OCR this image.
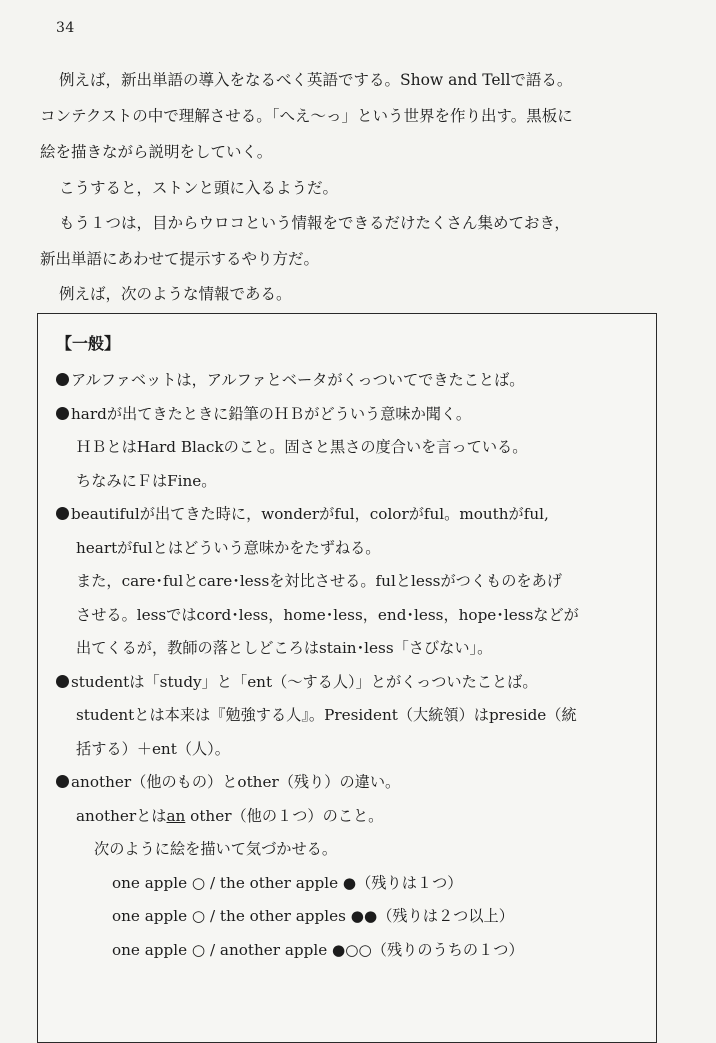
34
例えば，新出単語の導入をなるべく英語でする。Show and Tellで語る。
コンテクストの中で理解させる。「へえ～っ」という世界を作り出す。黒板に
絵を描きながら説明をしていく。
こうすると，ストンと頭に入るようだ。
もう１つは，目からウロコという情報をできるだけたくさん集めておき，
新出単語にあわせて提示するやり方だ。
例えば，次のような情報である。
【一般】
アルファベットは，アルファとベータがくっついてできたことば。
hardが出てきたときに鉛筆のＨＢがどういう意味か聞く。
ＨＢとはHard Blackのこと。固さと黒さの度合いを言っている。
ちなみにＦはFine。
beautifulが出てきた時に，wonderがful，colorがful。mouthがful,
heartがfulとはどういう意味かをたずねる。
また，care･fulとcare･lessを対比させる。fulとlessがつくものをあげ
させる。lessではcord･less，home･less，end･less，hope･lessなどが
出てくるが，教師の落としどころはstain･less「さびない」。
studentは「study」と「ent（～する人）」とがくっついたことば。
studentとは本来は『勉強する人』。President（大統領）はpreside（統
括する）＋ent（人）。
another（他のもの）とother（残り）の違い。
anotherとはan other（他の１つ）のこと。
次のように絵を描いて気づかせる。
one apple ○ / the other apple ●（残りは１つ）
one apple ○ / the other apples ●●（残りは２つ以上）
one apple ○ / another apple ●○○（残りのうちの１つ）
